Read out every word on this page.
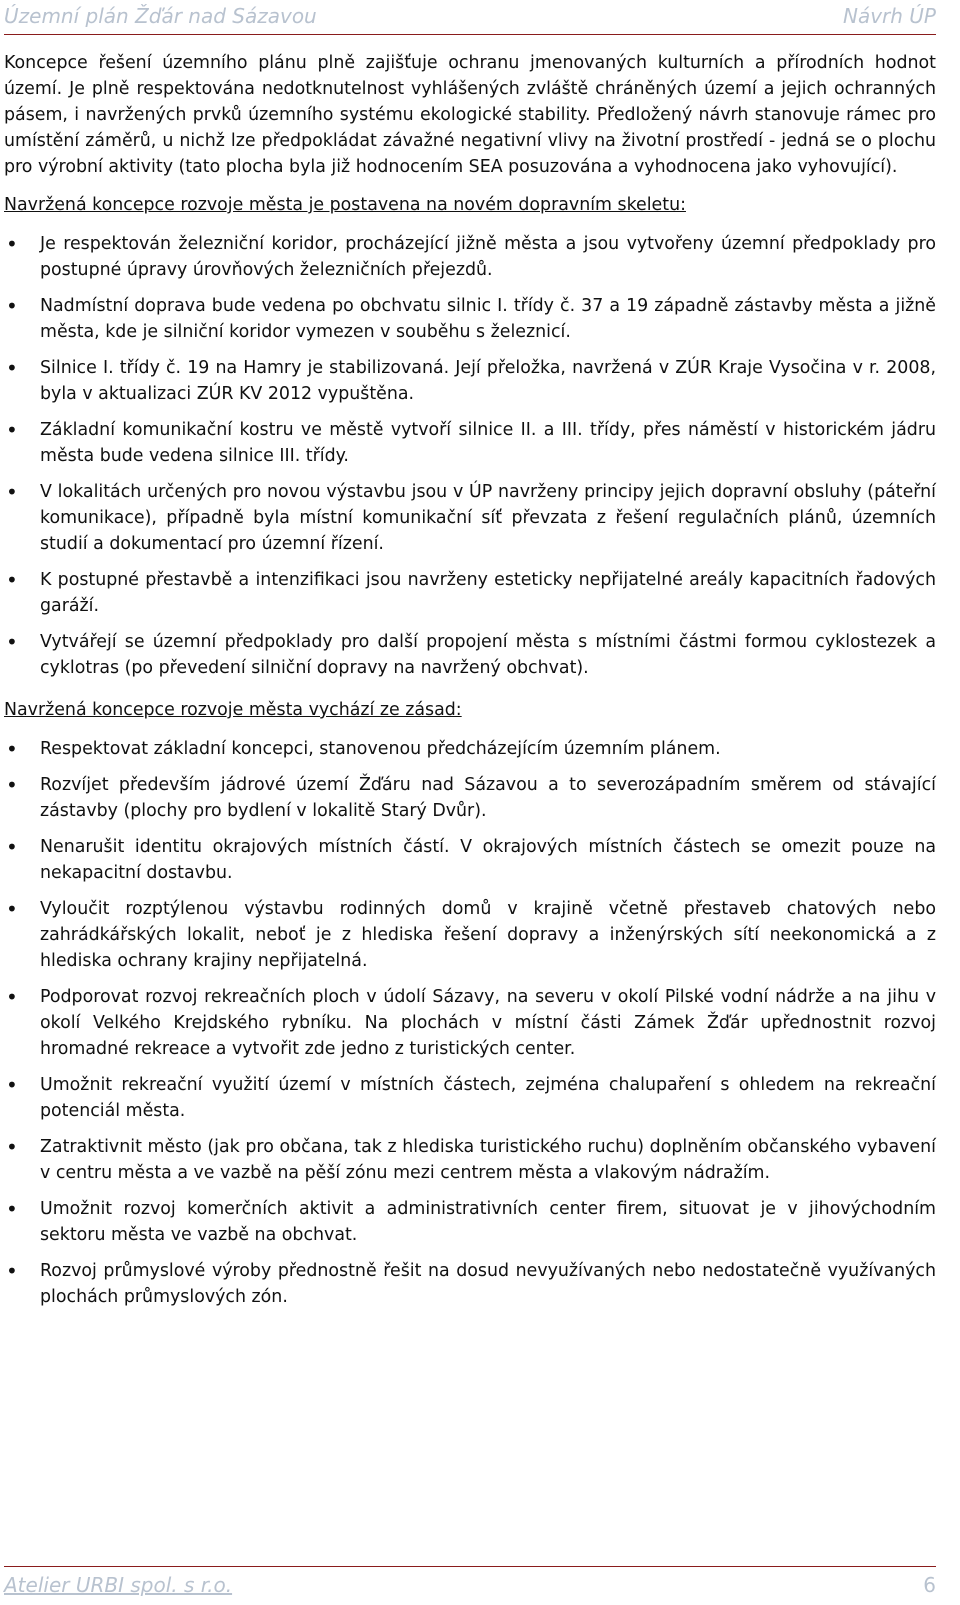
Územní plán Žďár nad Sázavou	Návrh ÚP

Koncepce řešení územního plánu plně zajišťuje ochranu jmenovaných kulturních a přírodních hodnot území. Je plně respektována nedotknutelnost vyhlášených zvláště chráněných území a jejich ochranných pásem, i navržených prvků územního systému ekologické stability. Předložený návrh stanovuje rámec pro umístění záměrů, u nichž lze předpokládat závažné negativní vlivy na životní prostředí - jedná se o plochu pro výrobní aktivity (tato plocha byla již hodnocením SEA posuzována a vyhodnocena jako vyhovující).

Navržená koncepce rozvoje města je postavena na novém dopravním skeletu:

• Je respektován železniční koridor, procházející jižně města a jsou vytvořeny územní předpoklady pro postupné úpravy úrovňových železničních přejezdů.
• Nadmístní doprava bude vedena po obchvatu silnic I. třídy č. 37 a 19 západně zástavby města a jižně města, kde je silniční koridor vymezen v souběhu s železnicí.
• Silnice I. třídy č. 19 na Hamry je stabilizovaná. Její přeložka, navržená v ZÚR Kraje Vysočina v r. 2008, byla v aktualizaci ZÚR KV 2012 vypuštěna.
• Základní komunikační kostru ve městě vytvoří silnice II. a III. třídy, přes náměstí v historickém jádru města bude vedena silnice III. třídy.
• V lokalitách určených pro novou výstavbu jsou v ÚP navrženy principy jejich dopravní obsluhy (páteřní komunikace), případně byla místní komunikační síť převzata z řešení regulačních plánů, územních studií a dokumentací pro územní řízení.
• K postupné přestavbě a intenzifikaci jsou navrženy esteticky nepřijatelné areály kapacitních řadových garáží.
• Vytvářejí se územní předpoklady pro další propojení města s místními částmi formou cyklostezek a cyklotras (po převedení silniční dopravy na navržený obchvat).

Navržená koncepce rozvoje města vychází ze zásad:

• Respektovat základní koncepci, stanovenou předcházejícím územním plánem.
• Rozvíjet především jádrové území Žďáru nad Sázavou a to severozápadním směrem od stávající zástavby (plochy pro bydlení v lokalitě Starý Dvůr).
• Nenarušit identitu okrajových místních částí. V okrajových místních částech se omezit pouze na nekapacitní dostavbu.
• Vyloučit rozptýlenou výstavbu rodinných domů v krajině včetně přestaveb chatových nebo zahrádkářských lokalit, neboť je z hlediska řešení dopravy a inženýrských sítí neekonomická a z hlediska ochrany krajiny nepřijatelná.
• Podporovat rozvoj rekreačních ploch v údolí Sázavy, na severu v okolí Pilské vodní nádrže a na jihu v okolí Velkého Krejdského rybníku. Na plochách v místní části Zámek Žďár upřednostnit rozvoj hromadné rekreace a vytvořit zde jedno z turistických center.
• Umožnit rekreační využití území v místních částech, zejména chalupaření s ohledem na rekreační potenciál města.
• Zatraktivnit město (jak pro občana, tak z hlediska turistického ruchu) doplněním občanského vybavení v centru města a ve vazbě na pěší zónu mezi centrem města a vlakovým nádražím.
• Umožnit rozvoj komerčních aktivit a administrativních center firem, situovat je v jihovýchodním sektoru města ve vazbě na obchvat.
• Rozvoj průmyslové výroby přednostně řešit na dosud nevyužívaných nebo nedostatečně využívaných plochách průmyslových zón.
Atelier URBI spol. s r.o.	6
